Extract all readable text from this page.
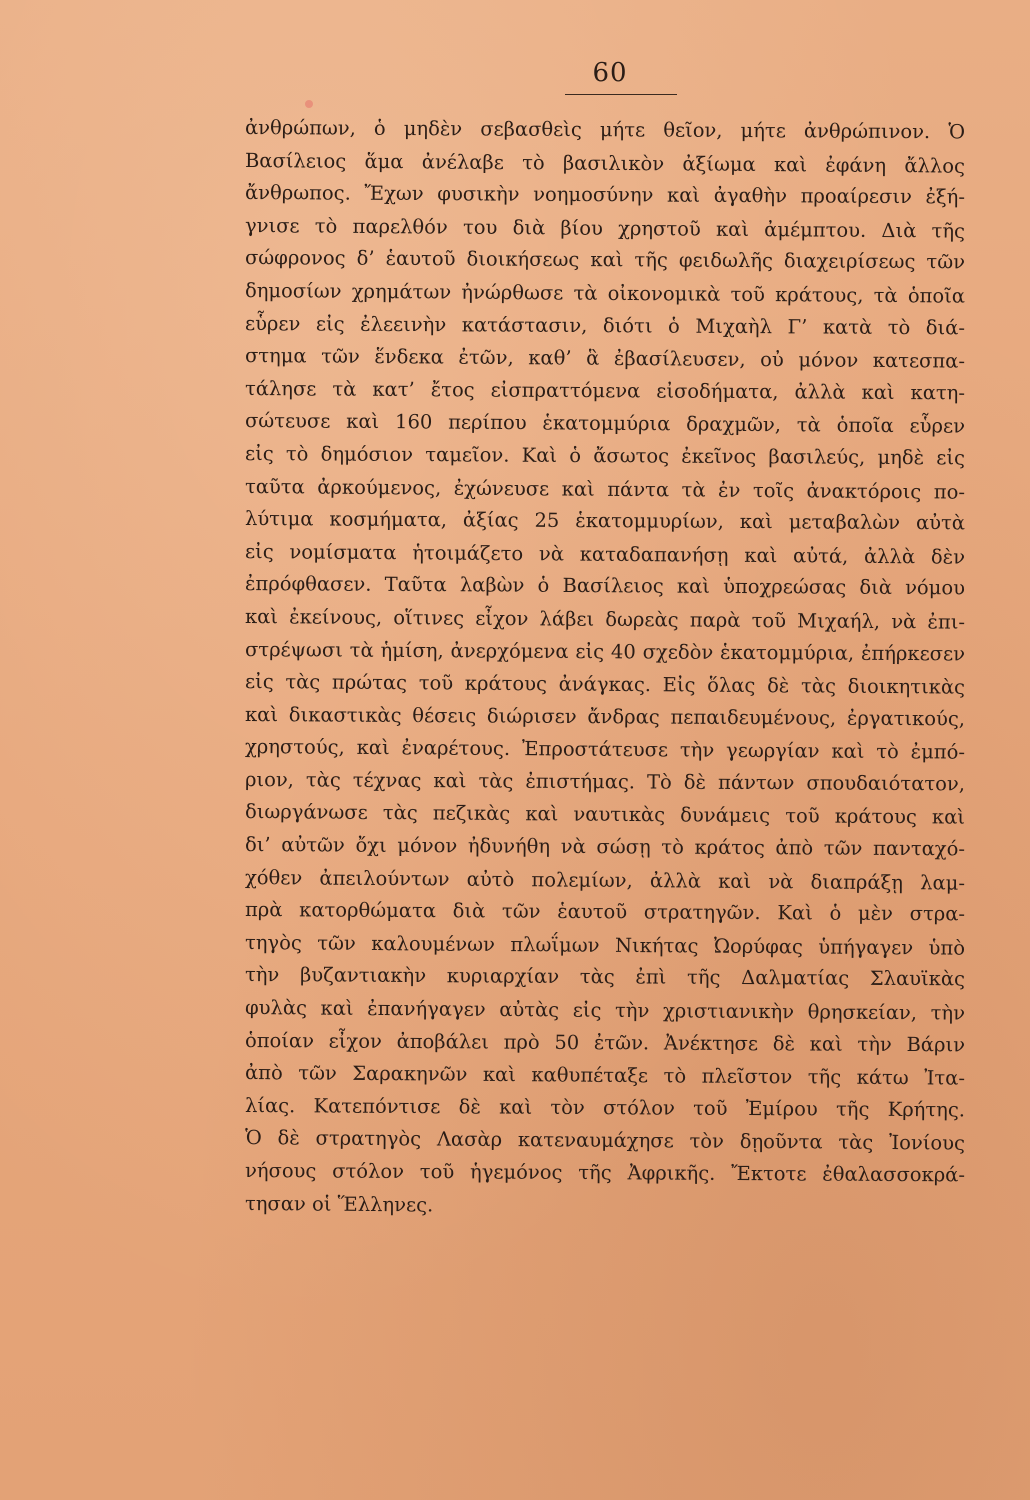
60
ἀνθρώπων, ὁ μηδὲν σεβασθεὶς μήτε θεῖον, μήτε ἀνθρώπινον. Ὁ
Βασίλειος ἅμα ἀνέλαβε τὸ βασιλικὸν ἀξίωμα καὶ ἐφάνη ἄλλος
ἄνθρωπος. Ἔχων φυσικὴν νοημοσύνην καὶ ἀγαθὴν προαίρεσιν ἐξή-
γνισε τὸ παρελθόν του διὰ βίου χρηστοῦ καὶ ἀμέμπτου. Διὰ τῆς
σώφρονος δ’ ἑαυτοῦ διοικήσεως καὶ τῆς φειδωλῆς διαχειρίσεως τῶν
δημοσίων χρημάτων ἠνώρθωσε τὰ οἰκονομικὰ τοῦ κράτους, τὰ ὁποῖα
εὗρεν εἰς ἐλεεινὴν κατάστασιν, διότι ὁ Μιχαὴλ Γ’ κατὰ τὸ διά-
στημα τῶν ἕνδεκα ἐτῶν, καθ’ ἃ ἐβασίλευσεν, οὐ μόνον κατεσπα-
τάλησε τὰ κατ’ ἔτος εἰσπραττόμενα εἰσοδήματα, ἀλλὰ καὶ κατη-
σώτευσε καὶ 160 περίπου ἑκατομμύρια δραχμῶν, τὰ ὁποῖα εὗρεν
εἰς τὸ δημόσιον ταμεῖον. Καὶ ὁ ἄσωτος ἐκεῖνος βασιλεύς, μηδὲ εἰς
ταῦτα ἀρκούμενος, ἐχώνευσε καὶ πάντα τὰ ἐν τοῖς ἀνακτόροις πο-
λύτιμα κοσμήματα, ἀξίας 25 ἑκατομμυρίων, καὶ μεταβαλὼν αὐτὰ
εἰς νομίσματα ἡτοιμάζετο νὰ καταδαπανήσῃ καὶ αὐτά, ἀλλὰ δὲν
ἐπρόφθασεν. Ταῦτα λαβὼν ὁ Βασίλειος καὶ ὑποχρεώσας διὰ νόμου
καὶ ἐκείνους, οἵτινες εἶχον λάβει δωρεὰς παρὰ τοῦ Μιχαήλ, νὰ ἐπι-
στρέψωσι τὰ ἡμίση, ἀνερχόμενα εἰς 40 σχεδὸν ἑκατομμύρια, ἐπήρκεσεν
εἰς τὰς πρώτας τοῦ κράτους ἀνάγκας. Εἰς ὅλας δὲ τὰς διοικητικὰς
καὶ δικαστικὰς θέσεις διώρισεν ἄνδρας πεπαιδευμένους, ἐργατικούς,
χρηστούς, καὶ ἐναρέτους. Ἐπροστάτευσε τὴν γεωργίαν καὶ τὸ ἐμπό-
ριον, τὰς τέχνας καὶ τὰς ἐπιστήμας. Τὸ δὲ πάντων σπουδαιότατον,
διωργάνωσε τὰς πεζικὰς καὶ ναυτικὰς δυνάμεις τοῦ κράτους καὶ
δι’ αὐτῶν ὄχι μόνον ἠδυνήθη νὰ σώσῃ τὸ κράτος ἀπὸ τῶν πανταχό-
χόθεν ἀπειλούντων αὐτὸ πολεμίων, ἀλλὰ καὶ νὰ διαπράξῃ λαμ-
πρὰ κατορθώματα διὰ τῶν ἑαυτοῦ στρατηγῶν. Καὶ ὁ μὲν στρα-
τηγὸς τῶν καλουμένων πλωΐμων Νικήτας Ὠορύφας ὑπήγαγεν ὑπὸ
τὴν βυζαντιακὴν κυριαρχίαν τὰς ἐπὶ τῆς Δαλματίας Σλαυϊκὰς
φυλὰς καὶ ἐπανήγαγεν αὐτὰς εἰς τὴν χριστιανικὴν θρησκείαν, τὴν
ὁποίαν εἶχον ἀποβάλει πρὸ 50 ἐτῶν. Ἀνέκτησε δὲ καὶ τὴν Βάριν
ἀπὸ τῶν Σαρακηνῶν καὶ καθυπέταξε τὸ πλεῖστον τῆς κάτω Ἰτα-
λίας. Κατεπόντισε δὲ καὶ τὸν στόλον τοῦ Ἐμίρου τῆς Κρήτης.
Ὁ δὲ στρατηγὸς Λασὰρ κατεναυμάχησε τὸν δῃοῦντα τὰς Ἰονίους
νήσους στόλον τοῦ ἡγεμόνος τῆς Ἀφρικῆς. Ἔκτοτε ἐθαλασσοκρά-
τησαν οἱ Ἕλληνες.
